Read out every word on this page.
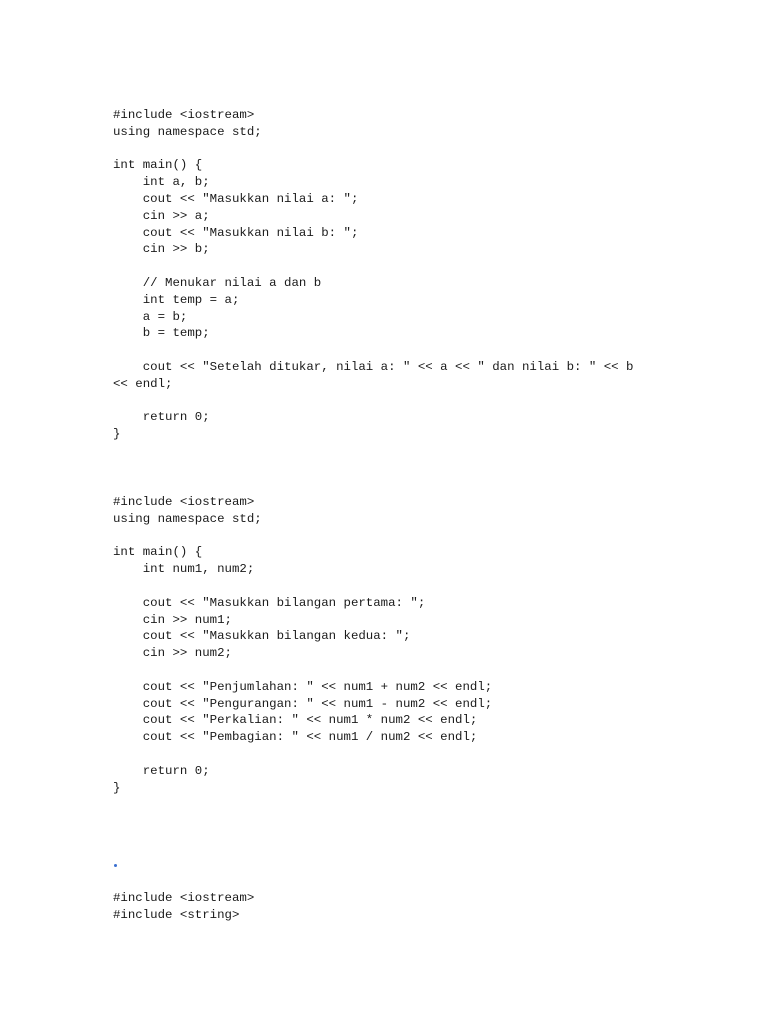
#include <iostream>
using namespace std;
int main() {
int a, b;
cout << "Masukkan nilai a: ";
cin >> a;
cout << "Masukkan nilai b: ";
cin >> b;
// Menukar nilai a dan b
int temp = a;
a = b;
b = temp;
cout << "Setelah ditukar, nilai a: " << a << " dan nilai b: " << b
<< endl;
return 0;
}
#include <iostream>
using namespace std;
int main() {
int num1, num2;
cout << "Masukkan bilangan pertama: ";
cin >> num1;
cout << "Masukkan bilangan kedua: ";
cin >> num2;
cout << "Penjumlahan: " << num1 + num2 << endl;
cout << "Pengurangan: " << num1 - num2 << endl;
cout << "Perkalian: " << num1 * num2 << endl;
cout << "Pembagian: " << num1 / num2 << endl;
return 0;
}
#include <iostream>
#include <string>
